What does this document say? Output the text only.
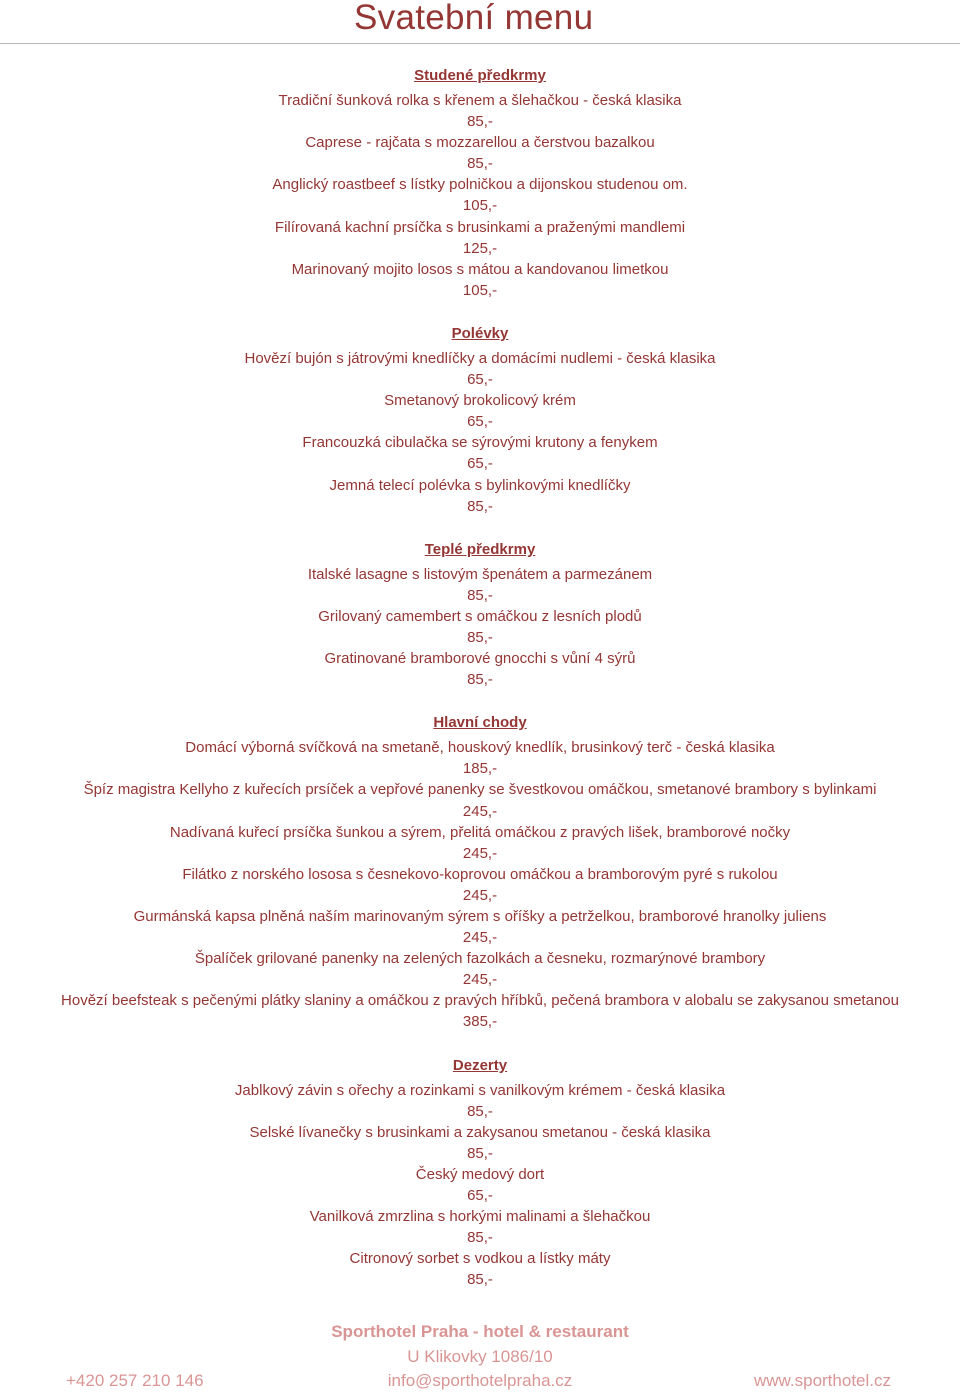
Svatební menu
Studené předkrmy
Tradiční šunková rolka s křenem a šlehačkou - česká klasika
85,-
Caprese - rajčata s mozzarellou a čerstvou bazalkou
85,-
Anglický roastbeef s lístky polničkou a dijonskou studenou om.
105,-
Filírovaná kachní prsíčka s brusinkami a praženými mandlemi
125,-
Marinovaný mojito losos s mátou a kandovanou limetkou
105,-
Polévky
Hovězí bujón s játrovými knedlíčky a domácími nudlemi - česká klasika
65,-
Smetanový brokolicový krém
65,-
Francouzká cibulačka se sýrovými krutony a fenykem
65,-
Jemná telecí polévka s bylinkovými knedlíčky
85,-
Teplé předkrmy
Italské lasagne s listovým špenátem a parmezánem
85,-
Grilovaný camembert s omáčkou z lesních plodů
85,-
Gratinované bramborové gnocchi s vůní 4 sýrů
85,-
Hlavní chody
Domácí výborná svíčková na smetaně, houskový knedlík, brusinkový terč - česká klasika
185,-
Špíz magistra Kellyho z kuřecích prsíček a vepřové panenky se švestkovou omáčkou, smetanové brambory s bylinkami
245,-
Nadívaná kuřecí prsíčka šunkou a sýrem, přelitá omáčkou z pravých lišek, bramborové nočky
245,-
Filátko z norského lososa s česnekovo-koprovou omáčkou a bramborovým pyré s rukolou
245,-
Gurmánská kapsa plněná naším marinovaným sýrem s oříšky a petrželkou, bramborové hranolky juliens
245,-
Špalíček grilované panenky na zelených fazolkách a česneku, rozmarýnové brambory
245,-
Hovězí beefsteak s pečenými plátky slaniny a omáčkou z pravých hříbků, pečená brambora v alobalu se zakysanou smetanou
385,-
Dezerty
Jablkový závin s ořechy a rozinkami s vanilkovým krémem - česká klasika
85,-
Selské lívanečky s brusinkami a zakysanou smetanou - česká klasika
85,-
Český medový dort
65,-
Vanilková zmrzlina s horkými malinami a šlehačkou
85,-
Citronový sorbet s vodkou a lístky máty
85,-
Sporthotel Praha - hotel & restaurant
U Klikovky 1086/10
info@sporthotelpraha.cz
+420 257 210 146	www.sporthotel.cz
